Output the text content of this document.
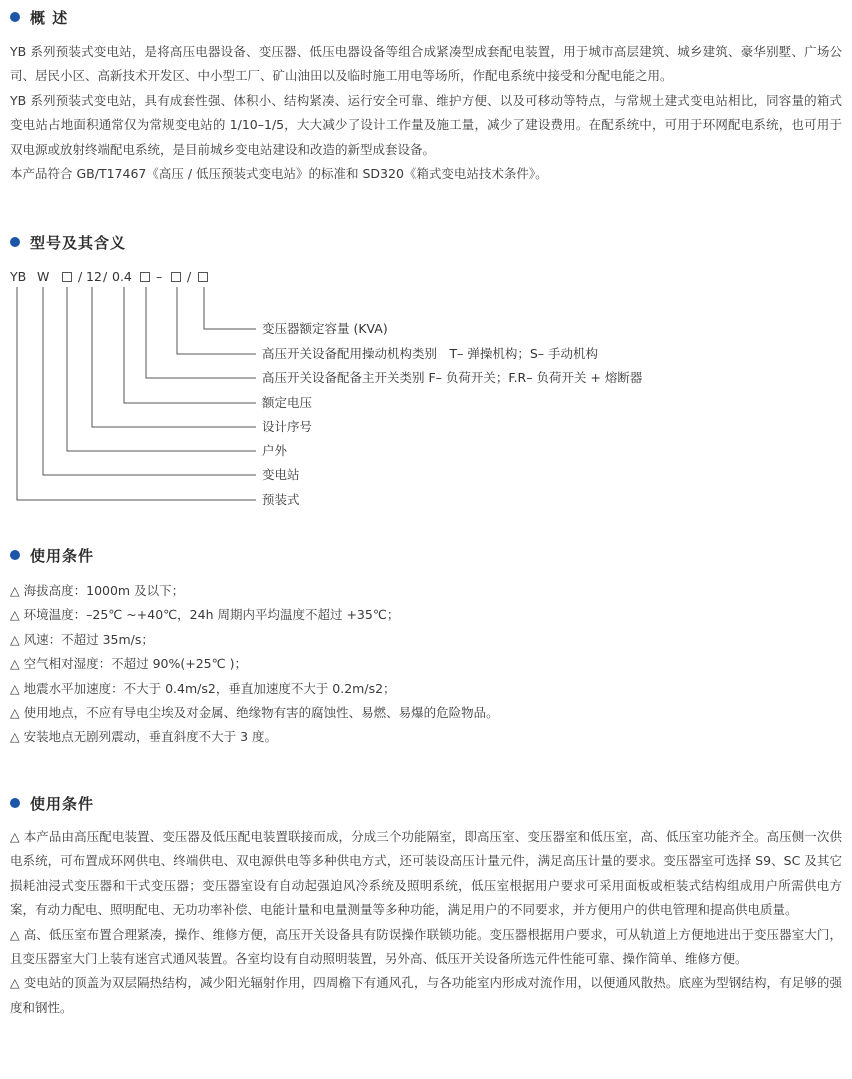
概 述

YB 系列预装式变电站，是将高压电器设备、变压器、低压电器设备等组合成紧凑型成套配电装置，用于城市高层建筑、城乡建筑、豪华别墅、广场公司、居民小区、高新技术开发区、中小型工厂、矿山油田以及临时施工用电等场所，作配电系统中接受和分配电能之用。

YB 系列预装式变电站，具有成套性强、体积小、结构紧凑、运行安全可靠、维护方便、以及可移动等特点，与常规土建式变电站相比，同容量的箱式变电站占地面积通常仅为常规变电站的 1/10–1/5，大大减少了设计工作量及施工量，减少了建设费用。在配系统中，可用于环网配电系统，也可用于双电源或放射终端配电系统，是目前城乡变电站建设和改造的新型成套设备。

本产品符合 GB/T17467《高压 / 低压预装式变电站》的标准和 SD320《箱式变电站技术条件》。

型号及其含义
YB W / 12 / 0.4 – /
变压器额定容量 (KVA)
高压开关设备配用操动机构类别　T– 弹操机构；S– 手动机构
高压开关设备配备主开关类别 F– 负荷开关；F.R– 负荷开关 + 熔断器
额定电压
设计序号
户外
变电站
预装式
使用条件
△ 海拔高度：1000m 及以下；
△ 环境温度：–25℃ ~+40℃，24h 周期内平均温度不超过 +35℃；
△ 风速：不超过 35m/s；
△ 空气相对湿度：不超过 90%(+25℃ )；
△ 地震水平加速度：不大于 0.4m/s2，垂直加速度不大于 0.2m/s2；
△ 使用地点，不应有导电尘埃及对金属、绝缘物有害的腐蚀性、易燃、易爆的危险物品。
△ 安装地点无剧列震动，垂直斜度不大于 3 度。
使用条件

△ 本产品由高压配电装置、变压器及低压配电装置联接而成，分成三个功能隔室，即高压室、变压器室和低压室，高、低压室功能齐全。高压侧一次供电系统，可布置成环网供电、终端供电、双电源供电等多种供电方式，还可装设高压计量元件，满足高压计量的要求。变压器室可选择 S9、SC 及其它损耗油浸式变压器和干式变压器；变压器室设有自动起强迫风冷系统及照明系统，低压室根据用户要求可采用面板或柜装式结构组成用户所需供电方案，有动力配电、照明配电、无功功率补偿、电能计量和电量测量等多种功能，满足用户的不同要求，并方便用户的供电管理和提高供电质量。

△ 高、低压室布置合理紧凑，操作、维修方便，高压开关设备具有防误操作联锁功能。变压器根据用户要求，可从轨道上方便地进出于变压器室大门，且变压器室大门上装有迷宫式通风装置。各室均设有自动照明装置，另外高、低压开关设备所选元件性能可靠、操作简单、维修方便。

△ 变电站的顶盖为双层隔热结构，减少阳光辐射作用，四周檐下有通风孔，与各功能室内形成对流作用，以便通风散热。底座为型钢结构，有足够的强度和钢性。
